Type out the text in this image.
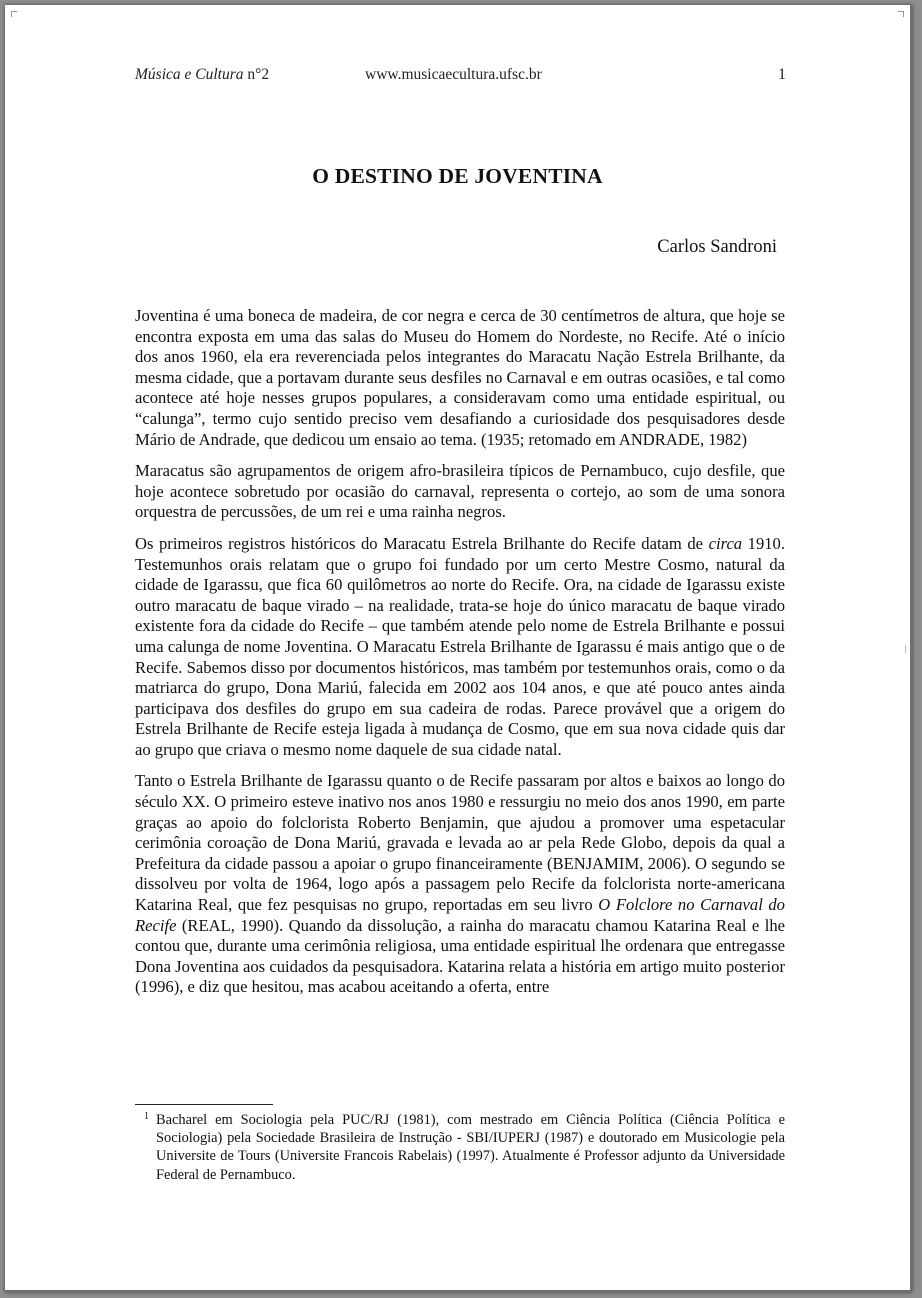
Música e Cultura n°2	www.musicaecultura.ufsc.br	1
O DESTINO DE JOVENTINA
Carlos Sandroni

Joventina é uma boneca de madeira, de cor negra e cerca de 30 centímetros de altura, que hoje se encontra exposta em uma das salas do Museu do Homem do Nordeste, no Recife. Até o início dos anos 1960, ela era reverenciada pelos integrantes do Maracatu Nação Estrela Brilhante, da mesma cidade, que a portavam durante seus desfiles no Carnaval e em outras ocasiões, e tal como acontece até hoje nesses grupos populares, a consideravam como uma entidade espiritual, ou “calunga”, termo cujo sentido preciso vem desafiando a curiosidade dos pesquisadores desde Mário de Andrade, que dedicou um ensaio ao tema. (1935; retomado em ANDRADE, 1982)

Maracatus são agrupamentos de origem afro-brasileira típicos de Pernambuco, cujo desfile, que hoje acontece sobretudo por ocasião do carnaval, representa o cortejo, ao som de uma sonora orquestra de percussões, de um rei e uma rainha negros.

Os primeiros registros históricos do Maracatu Estrela Brilhante do Recife datam de circa 1910. Testemunhos orais relatam que o grupo foi fundado por um certo Mestre Cosmo, natural da cidade de Igarassu, que fica 60 quilômetros ao norte do Recife. Ora, na cidade de Igarassu existe outro maracatu de baque virado – na realidade, trata-se hoje do único maracatu de baque virado existente fora da cidade do Recife – que também atende pelo nome de Estrela Brilhante e possui uma calunga de nome Joventina. O Maracatu Estrela Brilhante de Igarassu é mais antigo que o de Recife. Sabemos disso por documentos históricos, mas também por testemunhos orais, como o da matriarca do grupo, Dona Mariú, falecida em 2002 aos 104 anos, e que até pouco antes ainda participava dos desfiles do grupo em sua cadeira de rodas. Parece provável que a origem do Estrela Brilhante de Recife esteja ligada à mudança de Cosmo, que em sua nova cidade quis dar ao grupo que criava o mesmo nome daquele de sua cidade natal.

Tanto o Estrela Brilhante de Igarassu quanto o de Recife passaram por altos e baixos ao longo do século XX. O primeiro esteve inativo nos anos 1980 e ressurgiu no meio dos anos 1990, em parte graças ao apoio do folclorista Roberto Benjamin, que ajudou a promover uma espetacular cerimônia coroação de Dona Mariú, gravada e levada ao ar pela Rede Globo, depois da qual a Prefeitura da cidade passou a apoiar o grupo financeiramente (BENJAMIM, 2006). O segundo se dissolveu por volta de 1964, logo após a passagem pelo Recife da folclorista norte-americana Katarina Real, que fez pesquisas no grupo, reportadas em seu livro O Folclore no Carnaval do Recife (REAL, 1990). Quando da dissolução, a rainha do maracatu chamou Katarina Real e lhe contou que, durante uma cerimônia religiosa, uma entidade espiritual lhe ordenara que entregasse Dona Joventina aos cuidados da pesquisadora. Katarina relata a história em artigo muito posterior (1996), e diz que hesitou, mas acabou aceitando a oferta, entre

1 Bacharel em Sociologia pela PUC/RJ (1981), com mestrado em Ciência Política (Ciência Política e Sociologia) pela Sociedade Brasileira de Instrução - SBI/IUPERJ (1987) e doutorado em Musicologie pela Universite de Tours (Universite Francois Rabelais) (1997). Atualmente é Professor adjunto da Universidade Federal de Pernambuco.
